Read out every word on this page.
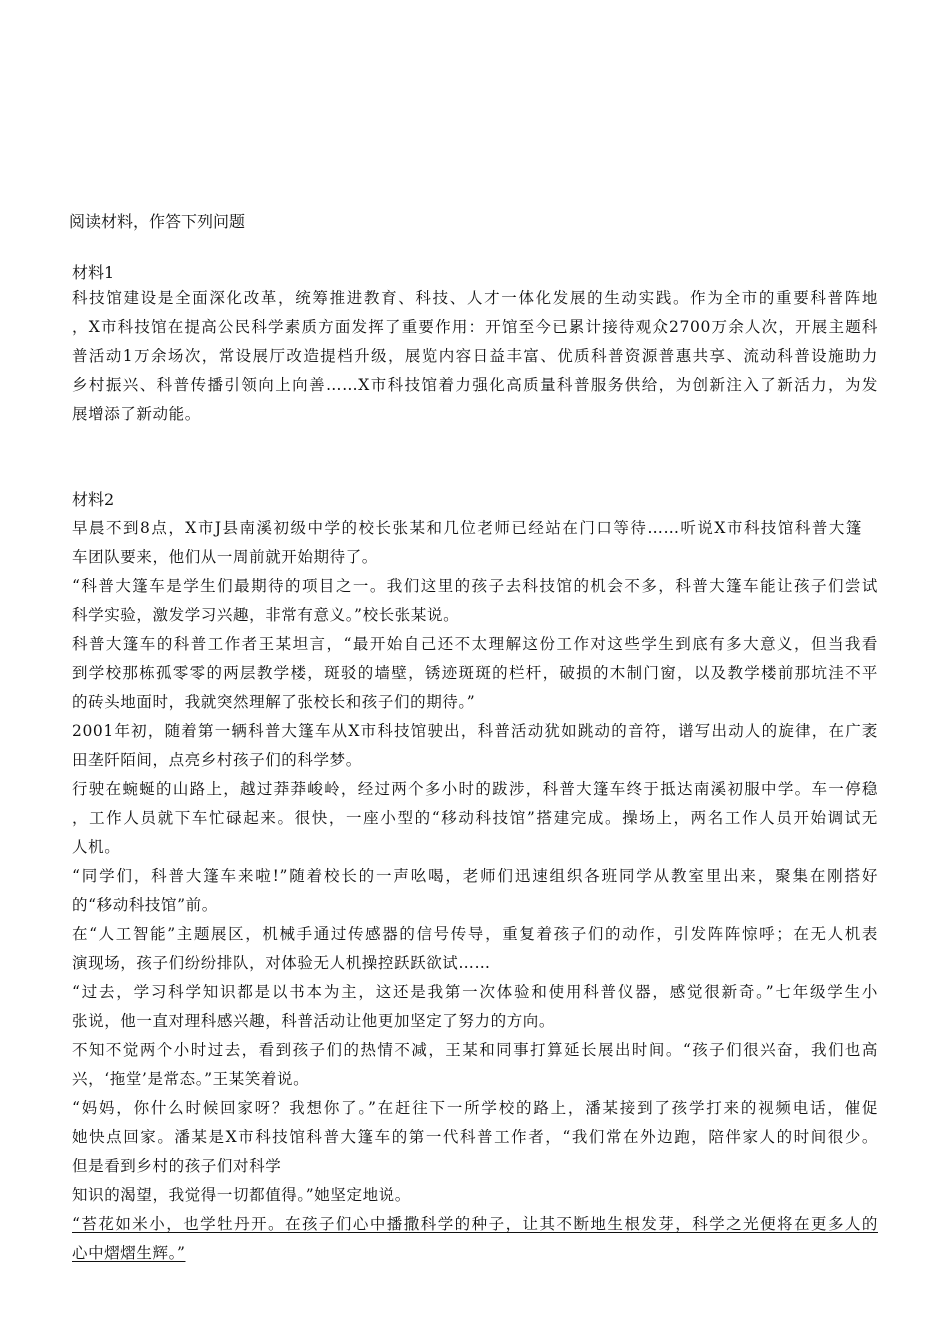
阅读材料，作答下列问题
材料1
科技馆建设是全面深化改革，统筹推进教育、科技、人才一体化发展的生动实践。作为全市的重要科普阵地
，X市科技馆在提高公民科学素质方面发挥了重要作用：开馆至今已累计接待观众2700万余人次，开展主题科
普活动1万余场次，常设展厅改造提档升级，展览内容日益丰富、优质科普资源普惠共享、流动科普设施助力
乡村振兴、科普传播引领向上向善……X市科技馆着力强化高质量科普服务供给，为创新注入了新活力，为发
展增添了新动能。
材料2
早晨不到8点，X市J县南溪初级中学的校长张某和几位老师已经站在门口等待……听说X市科技馆科普大篷
车团队要来，他们从一周前就开始期待了。
“科普大篷车是学生们最期待的项目之一。我们这里的孩子去科技馆的机会不多，科普大篷车能让孩子们尝试
科学实验，激发学习兴趣，非常有意义。”校长张某说。
科普大篷车的科普工作者王某坦言，“最开始自己还不太理解这份工作对这些学生到底有多大意义，但当我看
到学校那栋孤零零的两层教学楼，斑驳的墙壁，锈迹斑斑的栏杆，破损的木制门窗，以及教学楼前那坑洼不平
的砖头地面时，我就突然理解了张校长和孩子们的期待。”
2001年初，随着第一辆科普大篷车从X市科技馆驶出，科普活动犹如跳动的音符，谱写出动人的旋律，在广袤
田垄阡陌间，点亮乡村孩子们的科学梦。
行驶在蜿蜒的山路上，越过莽莽峻岭，经过两个多小时的跋涉，科普大篷车终于抵达南溪初服中学。车一停稳
，工作人员就下车忙碌起来。很快，一座小型的“移动科技馆”搭建完成。操场上，两名工作人员开始调试无
人机。
“同学们，科普大篷车来啦!”随着校长的一声吆喝，老师们迅速组织各班同学从教室里出来，聚集在刚搭好
的“移动科技馆”前。
在“人工智能”主题展区，机械手通过传感器的信号传导，重复着孩子们的动作，引发阵阵惊呼；在无人机表
演现场，孩子们纷纷排队，对体验无人机操控跃跃欲试……
“过去，学习科学知识都是以书本为主，这还是我第一次体验和使用科普仪器，感觉很新奇。”七年级学生小
张说，他一直对理科感兴趣，科普活动让他更加坚定了努力的方向。
不知不觉两个小时过去，看到孩子们的热情不减，王某和同事打算延长展出时间。“孩子们很兴奋，我们也高
兴，‘拖堂’是常态。”王某笑着说。
“妈妈，你什么时候回家呀？我想你了。”在赶往下一所学校的路上，潘某接到了孩学打来的视频电话，催促
她快点回家。潘某是X市科技馆科普大篷车的第一代科普工作者，“我们常在外边跑，陪伴家人的时间很少。
但是看到乡村的孩子们对科学
知识的渴望，我觉得一切都值得。”她坚定地说。
“苔花如米小，也学牡丹开。在孩子们心中播撒科学的种子，让其不断地生根发芽，科学之光便将在更多人的
心中熠熠生辉。”
